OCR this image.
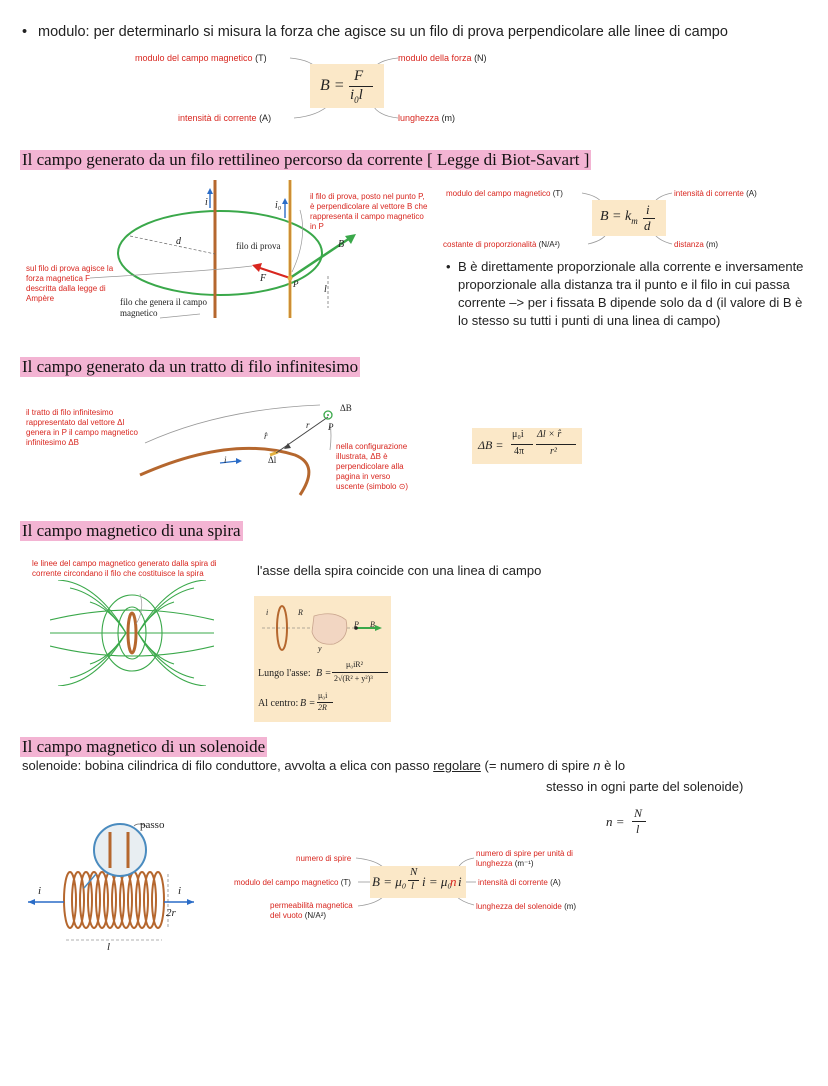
• modulo: per determinarlo si misura la forza che agisce su un filo di prova perpendicolare alle linee di campo
modulo del campo magnetico (T)	modulo della forza (N)
intensità di corrente (A)	lunghezza (m)
B =
F
$i_0l$
Il campo generato da un filo rettilineo percorso da corrente [ Legge di Biot-Savart ]
i	i₀
d	B
F	P	l
filo di prova
filo che genera il campo magnetico
il filo di prova, posto nel punto P, è perpendicolare al vettore B che rappresenta il campo magnetico in P
sul filo di prova agisce la forza magnetica F descritta dalla legge di Ampère
modulo del campo magnetico (T)	intensità di corrente (A)
costante di proporzionalità (N/A²)	distanza (m)
$B = k_m$
i
d
• B è direttamente proporzionale alla corrente e inversamente proporzionale alla distanza tra il punto e il filo in cui passa corrente –> per i fissata B dipende solo da d (il valore di B è lo stesso su tutti i punti di una linea di campo)
Il campo generato da un tratto di filo infinitesimo
ΔB
P
r
r̂
Δl
i
il tratto di filo infinitesimo rappresentato dal vettore Δl genera in P il campo magnetico infinitesimo ΔB	nella configurazione illustrata, ΔB è perpendicolare alla pagina in verso uscente (simbolo ⊙)
ΔB =
μ₀i
4π
Δl × r̂
r²
Il campo magnetico di una spira
le linee del campo magnetico generato dalla spira di corrente circondano il filo che costituisce la spira	l'asse della spira coincide con una linea di campo
i	R
P B
y
Lungo l'asse: B =
μ₀iR²
2√(R² + y²)³
Al centro: B =
μ₀i
2R
Il campo magnetico di un solenoide
solenoide: bobina cilindrica di filo conduttore, avvolta a elica con passo regolare (= numero di spire n è lo
stesso in ogni parte del solenoide)
n =
N
l
passo
i	i
2r
l
numero di spire
numero di spire per unità di lunghezza (m⁻¹)
modulo del campo magnetico (T)	intensità di corrente (A)
permeabilità magnetica del vuoto (N/A²)
lunghezza del solenoide (m)
B = μ₀
N
l i = μ₀
n i
